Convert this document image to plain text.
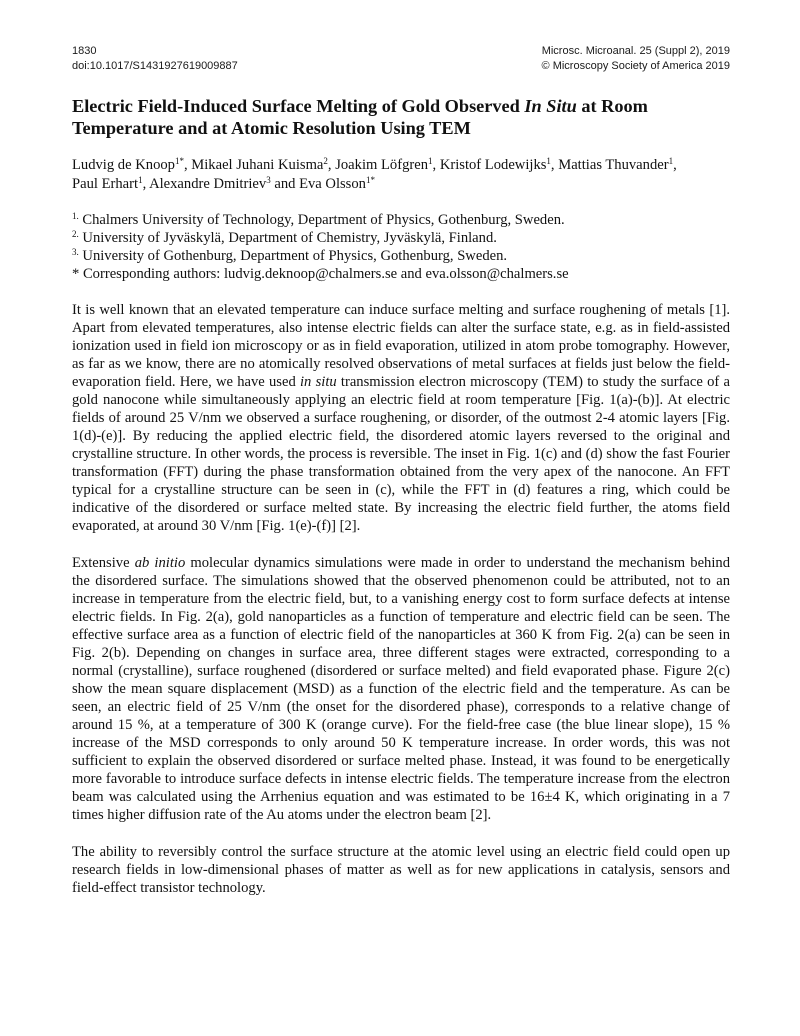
1830
doi:10.1017/S1431927619009887
Microsc. Microanal. 25 (Suppl 2), 2019
© Microscopy Society of America 2019
Electric Field-Induced Surface Melting of Gold Observed In Situ at Room Temperature and at Atomic Resolution Using TEM
Ludvig de Knoop$^{1*}$, Mikael Juhani Kuisma$^2$, Joakim Löfgren$^1$, Kristof Lodewijks$^1$, Mattias Thuvander$^1$,
Paul Erhart$^1$, Alexandre Dmitriev$^3$ and Eva Olsson$^{1*}$
$^{1.}$ Chalmers University of Technology, Department of Physics, Gothenburg, Sweden.
$^{2.}$ University of Jyväskylä, Department of Chemistry, Jyväskylä, Finland.
$^{3.}$ University of Gothenburg, Department of Physics, Gothenburg, Sweden.
* Corresponding authors: ludvig.deknoop@chalmers.se and eva.olsson@chalmers.se
It is well known that an elevated temperature can induce surface melting and surface roughening of metals [1]. Apart from elevated temperatures, also intense electric fields can alter the surface state, e.g. as in field-assisted ionization used in field ion microscopy or as in field evaporation, utilized in atom probe tomography. However, as far as we know, there are no atomically resolved observations of metal surfaces at fields just below the field-evaporation field. Here, we have used in situ transmission electron microscopy (TEM) to study the surface of a gold nanocone while simultaneously applying an electric field at room temperature [Fig. 1(a)-(b)]. At electric fields of around 25 V/nm we observed a surface roughening, or disorder, of the outmost 2-4 atomic layers [Fig. 1(d)-(e)]. By reducing the applied electric field, the disordered atomic layers reversed to the original and crystalline structure. In other words, the process is reversible. The inset in Fig. 1(c) and (d) show the fast Fourier transformation (FFT) during the phase transformation obtained from the very apex of the nanocone. An FFT typical for a crystalline structure can be seen in (c), while the FFT in (d) features a ring, which could be indicative of the disordered or surface melted state. By increasing the electric field further, the atoms field evaporated, at around 30 V/nm [Fig. 1(e)-(f)] [2].
Extensive ab initio molecular dynamics simulations were made in order to understand the mechanism behind the disordered surface. The simulations showed that the observed phenomenon could be attributed, not to an increase in temperature from the electric field, but, to a vanishing energy cost to form surface defects at intense electric fields. In Fig. 2(a), gold nanoparticles as a function of temperature and electric field can be seen. The effective surface area as a function of electric field of the nanoparticles at 360 K from Fig. 2(a) can be seen in Fig. 2(b). Depending on changes in surface area, three different stages were extracted, corresponding to a normal (crystalline), surface roughened (disordered or surface melted) and field evaporated phase. Figure 2(c) show the mean square displacement (MSD) as a function of the electric field and the temperature. As can be seen, an electric field of 25 V/nm (the onset for the disordered phase), corresponds to a relative change of around 15 %, at a temperature of 300 K (orange curve). For the field-free case (the blue linear slope), 15 % increase of the MSD corresponds to only around 50 K temperature increase. In order words, this was not sufficient to explain the observed disordered or surface melted phase. Instead, it was found to be energetically more favorable to introduce surface defects in intense electric fields. The temperature increase from the electron beam was calculated using the Arrhenius equation and was estimated to be 16±4 K, which originating in a 7 times higher diffusion rate of the Au atoms under the electron beam [2].
The ability to reversibly control the surface structure at the atomic level using an electric field could open up research fields in low-dimensional phases of matter as well as for new applications in catalysis, sensors and field-effect transistor technology.
